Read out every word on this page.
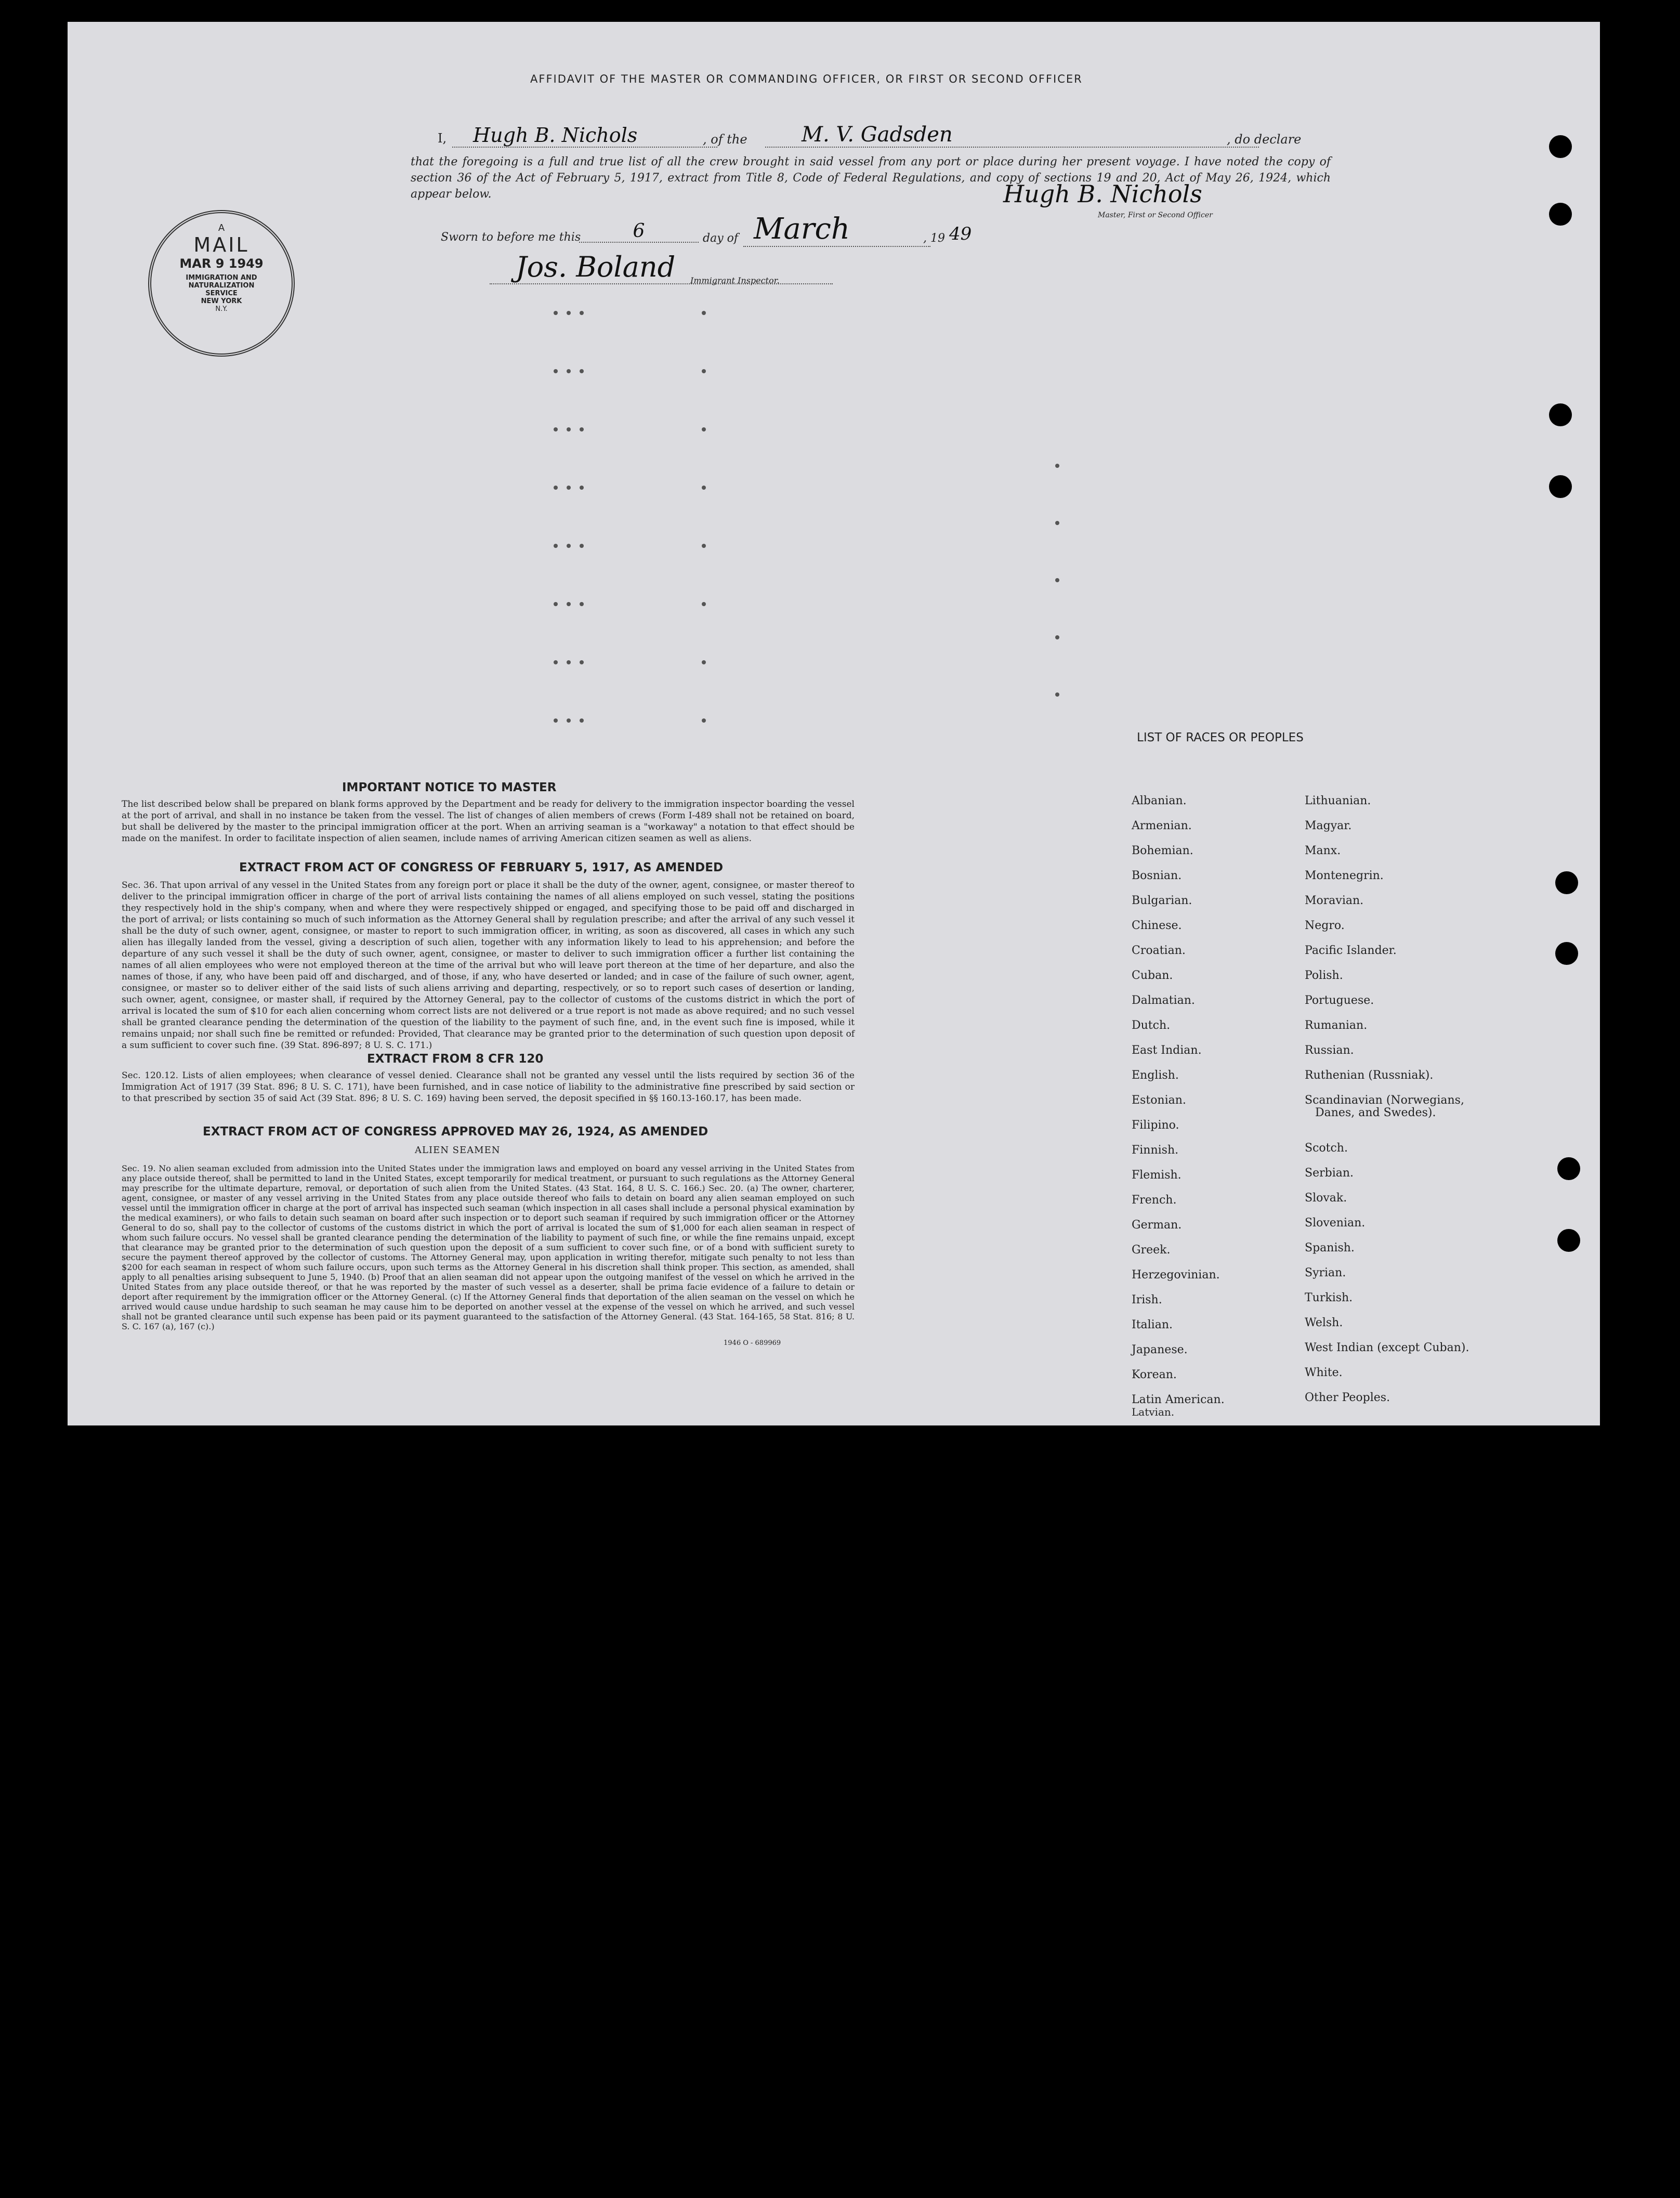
AFFIDAVIT OF THE MASTER OR COMMANDING OFFICER, OR FIRST OR SECOND OFFICER
I,	Hugh B. Nichols	, of the	M. V. Gadsden	, do declare
that the foregoing is a full and true list of all the crew brought in said vessel from any port or place during her present voyage. I have noted the copy of section 36 of the Act of February 5, 1917, extract from Title 8, Code of Federal Regulations, and copy of sections 19 and 20, Act of May 26, 1924, which appear below.	Hugh B. Nichols
Master, First or Second Officer
Sworn to before me this	6	day of March	, 19 49
Jos. Boland	Immigrant Inspector.
A
MAIL
MAR 9 1949
IMMIGRATION AND
NATURALIZATION
SERVICE
NEW YORK
N.Y.
IMPORTANT NOTICE TO MASTER
The list described below shall be prepared on blank forms approved by the Department and be ready for delivery to the immigration inspector boarding the vessel at the port of arrival, and shall in no instance be taken from the vessel. The list of changes of alien members of crews (Form I-489 shall not be retained on board, but shall be delivered by the master to the principal immigration officer at the port. When an arriving seaman is a "workaway" a notation to that effect should be made on the manifest. In order to facilitate inspection of alien seamen, include names of arriving American citizen seamen as well as aliens.
EXTRACT FROM ACT OF CONGRESS OF FEBRUARY 5, 1917, AS AMENDED
Sec. 36. That upon arrival of any vessel in the United States from any foreign port or place it shall be the duty of the owner, agent, consignee, or master thereof to deliver to the principal immigration officer in charge of the port of arrival lists containing the names of all aliens employed on such vessel, stating the positions they respectively hold in the ship's company, when and where they were respectively shipped or engaged, and specifying those to be paid off and discharged in the port of arrival; or lists containing so much of such information as the Attorney General shall by regulation prescribe; and after the arrival of any such vessel it shall be the duty of such owner, agent, consignee, or master to report to such immigration officer, in writing, as soon as discovered, all cases in which any such alien has illegally landed from the vessel, giving a description of such alien, together with any information likely to lead to his apprehension; and before the departure of any such vessel it shall be the duty of such owner, agent, consignee, or master to deliver to such immigration officer a further list containing the names of all alien employees who were not employed thereon at the time of the arrival but who will leave port thereon at the time of her departure, and also the names of those, if any, who have been paid off and discharged, and of those, if any, who have deserted or landed; and in case of the failure of such owner, agent, consignee, or master so to deliver either of the said lists of such aliens arriving and departing, respectively, or so to report such cases of desertion or landing, such owner, agent, consignee, or master shall, if required by the Attorney General, pay to the collector of customs of the customs district in which the port of arrival is located the sum of $10 for each alien concerning whom correct lists are not delivered or a true report is not made as above required; and no such vessel shall be granted clearance pending the determination of the question of the liability to the payment of such fine, and, in the event such fine is imposed, while it remains unpaid; nor shall such fine be remitted or refunded: Provided, That clearance may be granted prior to the determination of such question upon deposit of a sum sufficient to cover such fine. (39 Stat. 896-897; 8 U. S. C. 171.)
EXTRACT FROM 8 CFR 120
Sec. 120.12. Lists of alien employees; when clearance of vessel denied. Clearance shall not be granted any vessel until the lists required by section 36 of the Immigration Act of 1917 (39 Stat. 896; 8 U. S. C. 171), have been furnished, and in case notice of liability to the administrative fine prescribed by said section or to that prescribed by section 35 of said Act (39 Stat. 896; 8 U. S. C. 169) having been served, the deposit specified in §§ 160.13-160.17, has been made.
EXTRACT FROM ACT OF CONGRESS APPROVED MAY 26, 1924, AS AMENDED
ALIEN SEAMEN
Sec. 19. No alien seaman excluded from admission into the United States under the immigration laws and employed on board any vessel arriving in the United States from any place outside thereof, shall be permitted to land in the United States, except temporarily for medical treatment, or pursuant to such regulations as the Attorney General may prescribe for the ultimate departure, removal, or deportation of such alien from the United States. (43 Stat. 164, 8 U. S. C. 166.) Sec. 20. (a) The owner, charterer, agent, consignee, or master of any vessel arriving in the United States from any place outside thereof who fails to detain on board any alien seaman employed on such vessel until the immigration officer in charge at the port of arrival has inspected such seaman (which inspection in all cases shall include a personal physical examination by the medical examiners), or who fails to detain such seaman on board after such inspection or to deport such seaman if required by such immigration officer or the Attorney General to do so, shall pay to the collector of customs of the customs district in which the port of arrival is located the sum of $1,000 for each alien seaman in respect of whom such failure occurs. No vessel shall be granted clearance pending the determination of the liability to payment of such fine, or while the fine remains unpaid, except that clearance may be granted prior to the determination of such question upon the deposit of a sum sufficient to cover such fine, or of a bond with sufficient surety to secure the payment thereof approved by the collector of customs. The Attorney General may, upon application in writing therefor, mitigate such penalty to not less than $200 for each seaman in respect of whom such failure occurs, upon such terms as the Attorney General in his discretion shall think proper. This section, as amended, shall apply to all penalties arising subsequent to June 5, 1940. (b) Proof that an alien seaman did not appear upon the outgoing manifest of the vessel on which he arrived in the United States from any place outside thereof, or that he was reported by the master of such vessel as a deserter, shall be prima facie evidence of a failure to detain or deport after requirement by the immigration officer or the Attorney General. (c) If the Attorney General finds that deportation of the alien seaman on the vessel on which he arrived would cause undue hardship to such seaman he may cause him to be deported on another vessel at the expense of the vessel on which he arrived, and such vessel shall not be granted clearance until such expense has been paid or its payment guaranteed to the satisfaction of the Attorney General. (43 Stat. 164-165, 58 Stat. 816; 8 U. S. C. 167 (a), 167 (c).)
1946 O - 689969
LIST OF RACES OR PEOPLES
Albanian.
Armenian.
Bohemian.
Bosnian.
Bulgarian.
Chinese.
Croatian.
Cuban.
Dalmatian.
Dutch.
East Indian.
English.
Estonian.
Filipino.
Finnish.
Flemish.
French.
German.
Greek.
Herzegovinian.
Irish.
Italian.
Japanese.
Korean.
Latin American.
Latvian.
Lithuanian.
Magyar.
Manx.
Montenegrin.
Moravian.
Negro.
Pacific Islander.
Polish.
Portuguese.
Rumanian.
Russian.
Ruthenian (Russniak).
Scandinavian (Norwegians,
Danes, and Swedes).
Scotch.
Serbian.
Slovak.
Slovenian.
Spanish.
Syrian.
Turkish.
Welsh.
West Indian (except Cuban).
White.
Other Peoples.
